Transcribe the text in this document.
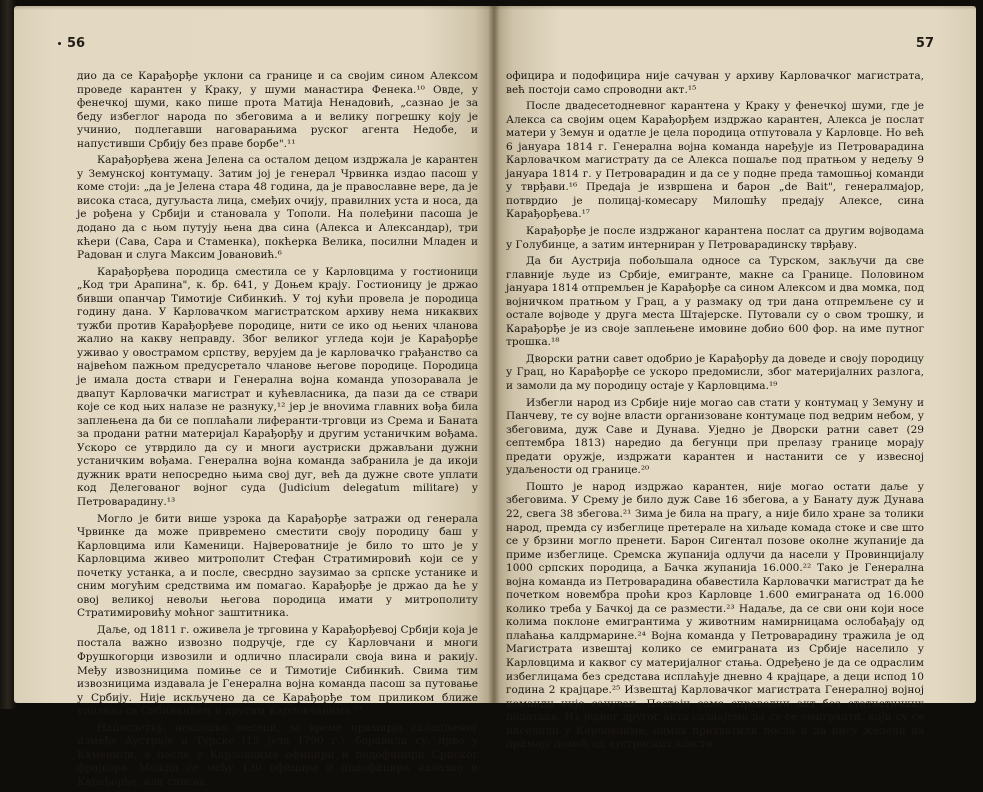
56

дио да се Карађорђе уклони са границе и са својим сином Алексом проведе карантен у Краку, у шуми манастира Фенека.¹⁰ Овде, у фенечкој шуми, како пише прота Матија Ненадовић, „сазнао је за беду избеглог народа по збеговима а и велику погрешку коју је учинио, подлегавши наговарањима руског агента Недобе, и напустивши Србију без праве борбе".¹¹

Карађорђева жена Јелена са осталом децом издржала је карантен у Земунској контумацу. Затим јој је генерал Чрвинка издао пасош у коме стоји: „да је Јелена стара 48 година, да је православне вере, да је висока стаса, дугуљаста лица, смеђих очију, правилних уста и носа, да је рођена у Србији и становала у Тополи. На полеђини пасоша је додано да с њом путују њена два сина (Алекса и Александар), три кћери (Сава, Сара и Стаменка), покћерка Велика, посилни Младен и Радован и слуга Максим Јовановић.⁶

Карађорђева породица сместила се у Карловцима у гостионици „Код три Арапина", к. бр. 641, у Доњем крају. Гостионицу је држао бивши опанчар Тимотије Сибинкић. У тој кући провела је породица годину дана. У Карловачком магистратском архиву нема никаквих тужби против Карађорђеве породице, нити се ико од њених чланова жалио на какву неправду. Због великог угледа који је Карађорђе уживао у овострамом српству, верујем да је карловачко грађанство са највећом пажњом предусретало чланове његове породице. Породица је имала доста ствари и Генерална војна команда упозоравала је двапут Карловачки магистрат и кућевласника, да пази да се ствари које се код њих налазе не разнуку,¹² јер је вноvима главних вођа била заплењена да би се поплаћали лиферанти-трговци из Срема и Баната за продани ратни материјал Карађорђу и другим устаничким вођама. Ускоро се утврдило да су и многи аустриски држављани дужни устаничким вођама. Генерална војна команда забранила је да икоји дужник врати непосредно њима свој дуг, већ да дужне своте уплати код Делегованог војног суда (Judicium delegatum militare) у Петроварадину.¹³

Могло је бити више узрока да Карађорђе затражи од генерала Чрвинке да може привремено сместити своју породицу баш у Карловцима или Каменици. Највероватније је било то што је у Карловцима живео митрополит Стефан Стратимировић који се у почетку устанка, а и после, свесрдно заузимао за српске устанике и сним могућим средствима им помагао. Карађорђе је држао да ће у овој великој невољи његова породица имати у митрополиту Стратимировићу моћног заштитника.

Даље, од 1811 г. оживела је трговина у Карађорђевој Србији која је постала важно извозно подручје, где су Карловчани и многи Фрушкогорци извозили и одлично пласирали своја вина и ракију. Међу извозницима помиње се и Тимотије Сибинкић. Свима тим извозницима издавала је Генерална војна команда пасош за путовање у Србију. Није искључено да се Карађорђе том приликом ближе упознао са Сибинкићем и другим Карловчанима.¹⁴

Напослетку, неколико месеци, за време примирја склопљеног између Аустрије и Турске (15 јула 1790 г.), боравили су, прво у Каменици, а после у Карловцима официри и подофицири Српског фрајкора. Можда се међу 130 официра и подофицира налазио и Карађорђе, али списак

57

официра и подофицира није сачуван у архиву Карловачког магистрата, већ постоји само спроводни акт.¹⁵

После двадесетодневног карантена у Краку у фенечкој шуми, где је Алекса са својим оцем Карађорђем издржао карантен, Алекса је послат матери у Земун и одатле је цела породица отпутовала у Карловце. Но већ 6 јануара 1814 г. Генерална војна команда наређује из Петроварадина Карловачком магистрату да се Алекса пошаље под пратњом у недељу 9 јануара 1814 г. у Петроварадин и да се у подне преда тамошњој команди у тврђави.¹⁶ Предаја је извршена и барон „de Bait", генералмајор, потврдио је полицај-комесару Милошћу предају Алексе, сина Карађорђева.¹⁷

Карађорђе је после издржаног карантена послат са другим војводама у Голубинце, а затим интерниран у Петроварадинску тврђаву.

Да би Аустрија побољшала односе са Турском, закључи да све главније људе из Србије, емигранте, макне са Границе. Половином јануара 1814 отпремљен је Карађорђе са сином Алексом и два момка, под војничком пратњом у Грац, а у размаку од три дана отпремљене су и остале војводе у друга места Штајерске. Путовали су о свом трошку, и Карађорђе је из своје заплењене имовине добио 600 фор. на име путног трошка.¹⁸

Дворски ратни савет одобрио је Карађорђу да доведе и своју породицу у Грац, но Карађорђе се ускоро предомисли, због материјалних разлога, и замоли да му породицу остаје у Карловцима.¹⁹

Избегли народ из Србије није могао сав стати у контумац у Земуну и Панчеву, те су војне власти организоване контумаце под ведрим небом, у збеговима, дуж Саве и Дунава. Уједно је Дворски ратни савет (29 септембра 1813) наредио да бегунци при прелазу границе морају предати оружје, издржати карантен и настанити се у извесној удаљености од границе.²⁰

Пошто је народ издржао карантен, није могао остати даље у збеговима. У Срему је било дуж Саве 16 збегова, а у Банату дуж Дунава 22, свега 38 збегова.²¹ Зима је била на прагу, а није било хране за толики народ, премда су избеглице претерале на хиљаде комада стоке и све што се у брзини могло пренети. Барон Сигентал позове околне жупаније да приме избеглице. Сремска жупанија одлучи да насели у Провинцијалу 1000 српских породица, а Бачка жупанија 16.000.²² Тако је Генерална војна команда из Петроварадина обавестила Карловачки магистрат да ће почетком новембра проћи кроз Карловце 1.600 емиграната од 16.000 колико треба у Бачкој да се размести.²³ Надаље, да се сви они који носе колима поклоне емигрантима у животним намирницама ослобађају од плаћања калдрмарине.²⁴ Војна команда у Петроварадину тражила је од Магистрата извештај колико се емиграната из Србије населило у Карловцима и каквог су материјалног стања. Одређено је да се одраслим избеглицама без средстава исплаћује дневно 4 крајцаре, а деци испод 10 година 2 крајцаре.²⁵ Извештај Карловачког магистрата Генералној војној команди није сачуван. Постоји само спроводни акт без статистичких података. Из једног другог акта сазнајемо да су се емигранти, који су се населили у Карловцима, одмах прихватили посла и да нису желели да примају помоћ од аустриских власти.
